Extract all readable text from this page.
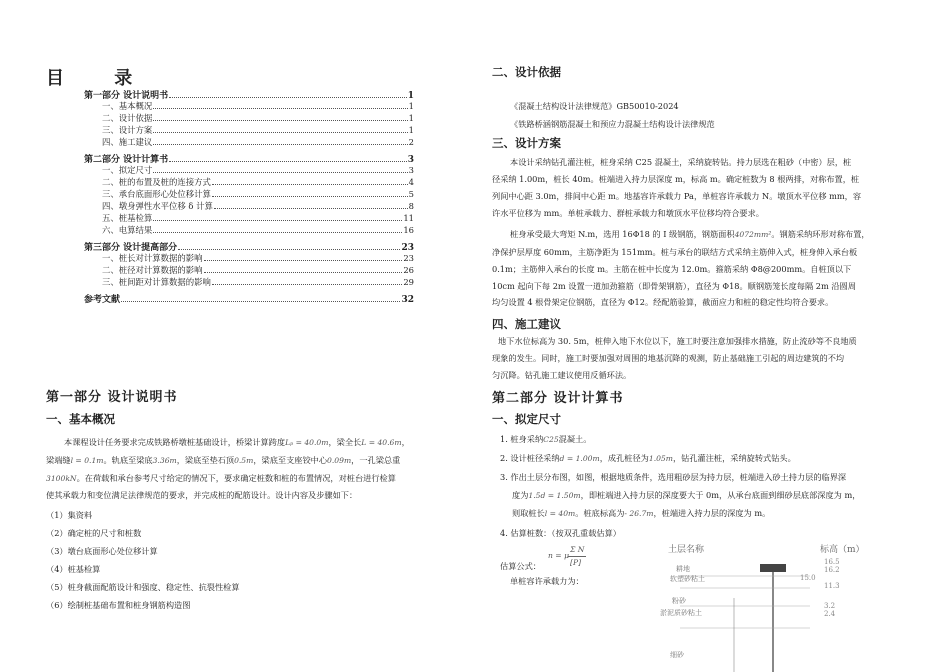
目 录
第一部分 设计说明书	1
一、基本概况	1
二、设计依据	1
三、设计方案	1
四、施工建议	2
第二部分 设计计算书	3
一、拟定尺寸	3
二、桩的布置及桩的连接方式	4
三、承台底面形心处位移计算	5
四、墩身弹性水平位移 δ 计算	8
五、桩基检算	11
六、电算结果	16
第三部分 设计提高部分	23
一、桩长对计算数据的影响	23
二、桩径对计算数据的影响	26
三、桩间距对计算数据的影响	29
参考文献	32
第一部分 设计说明书
一、基本概况
本课程设计任务要求完成铁路桥墩桩基础设计，桥梁计算跨度Lₚ = 40.0m，梁全长L = 40.6m，
梁端缝l = 0.1m。轨底至梁底3.36m，梁底至垫石顶0.5m，梁底至支座铰中心0.09m，一孔梁总重
3100kN。在荷载和承台参考尺寸给定的情况下，要求确定桩数和桩的布置情况，对桩台进行检算
使其承载力和变位满足法律规范的要求，并完成桩的配筋设计。设计内容及步骤如下：
（1）集资料
（2）确定桩的尺寸和桩数
（3）墩台底面形心处位移计算
（4）桩基检算
（5）桩身截面配筋设计和强度、稳定性、抗裂性检算
（6）绘制桩基础布置和桩身钢筋构造图
二、设计依据
《混凝土结构设计法律规范》GB50010-2024
《铁路桥涵钢筋混凝土和预应力混凝土结构设计法律规范
三、设计方案
本设计采纳钻孔灌注桩，桩身采纳 C25 混凝土，采纳旋转钻。持力层选在粗砂（中密）层，桩
径采纳 1.00m，桩长 40m。桩端进入持力层深度 m，标高 m。确定桩数为 8 根两排，对称布置，桩
列间中心距 3.0m，排间中心距 m。地基容许承载力 Pa，单桩容许承载力 N。墩顶水平位移 mm，容
许水平位移为 mm。单桩承载力、群桩承载力和墩顶水平位移均符合要求。
桩身承受最大弯矩 N.m，选用 16Φ18 的 I 级钢筋，钢筋面积4072mm²。钢筋采纳环形对称布置，
净保护层厚度 60mm，主筋净距为 151mm。桩与承台的联结方式采纳主筋伸入式，桩身伸入承台板
0.1m；主筋伸入承台的长度 m。主筋在桩中长度为 12.0m。箍筋采纳 Φ8@200mm。自桩顶以下
10cm 起向下每 2m 设置一道加劲箍筋（即骨架钢筋），直径为 Φ18。顺钢筋笼长度每隔 2m 沿圆周
均匀设置 4 根骨架定位钢筋，直径为 Φ12。经配筋验算，截面应力和桩的稳定性均符合要求。
四、施工建议
地下水位标高为 30. 5m，桩伸入地下水位以下，施工时要注意加强排水措施，防止流砂等不良地质
现象的发生。同时，施工时要加强对周围的地基沉降的观测，防止基础施工引起的周边建筑的不均
匀沉降。钻孔施工建议使用反循环法。
第二部分 设计计算书
一、拟定尺寸
1. 桩身采纳C25混凝土。
2. 设计桩径采纳d = 1.00m，成孔桩径为1.05m，钻孔灌注桩，采纳旋转式钻头。
3. 作出土层分布图，如图，根据地质条件，选用粗砂层为持力层，桩端进入砂土持力层的临界深
度为1.5d = 1.50m，即桩端进入持力层的深度要大于 0m，从承台底面到细砂层底部深度为 m，
则取桩长l = 40m。桩底标高为- 26.7m，桩端进入持力层的深度为 m。
4. 估算桩数：（按双孔重载估算）
估算公式：
n = μ
Σ N
[P]
单桩容许承载力为：
土层名称	标高（m）
耕地
软塑砂粘土
粉砂
淤泥质砂粘土
细砂
16.5
16.2
15.0
11.3
3.2
2.4
